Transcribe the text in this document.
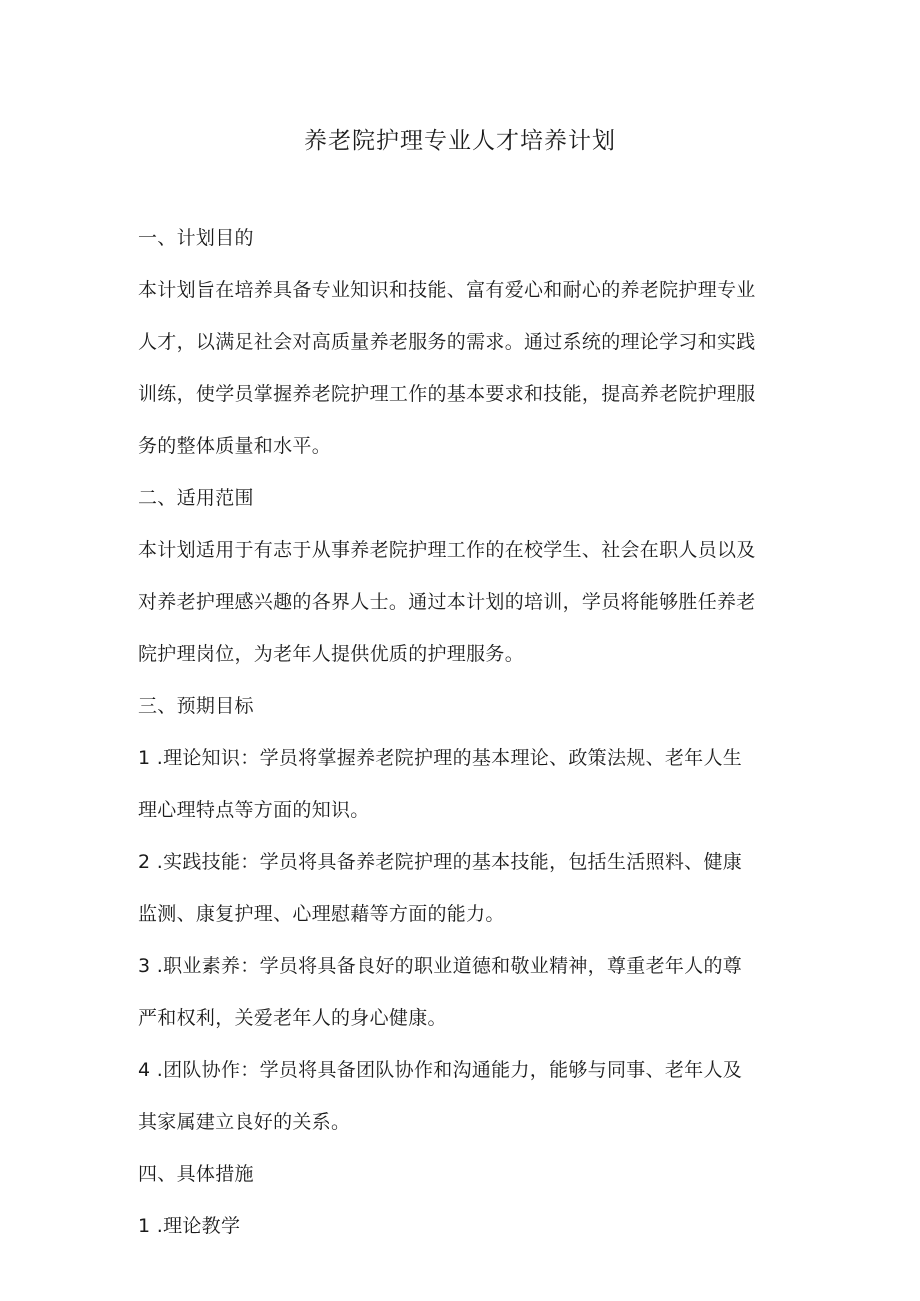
养老院护理专业人才培养计划
一、计划目的
本计划旨在培养具备专业知识和技能、富有爱心和耐心的养老院护理专业
人才，以满足社会对高质量养老服务的需求。通过系统的理论学习和实践
训练，使学员掌握养老院护理工作的基本要求和技能，提高养老院护理服
务的整体质量和水平。
二、适用范围
本计划适用于有志于从事养老院护理工作的在校学生、社会在职人员以及
对养老护理感兴趣的各界人士。通过本计划的培训，学员将能够胜任养老
院护理岗位，为老年人提供优质的护理服务。
三、预期目标
1 .理论知识：学员将掌握养老院护理的基本理论、政策法规、老年人生
理心理特点等方面的知识。
2 .实践技能：学员将具备养老院护理的基本技能，包括生活照料、健康
监测、康复护理、心理慰藉等方面的能力。
3 .职业素养：学员将具备良好的职业道德和敬业精神，尊重老年人的尊
严和权利，关爱老年人的身心健康。
4 .团队协作：学员将具备团队协作和沟通能力，能够与同事、老年人及
其家属建立良好的关系。
四、具体措施
1 .理论教学
